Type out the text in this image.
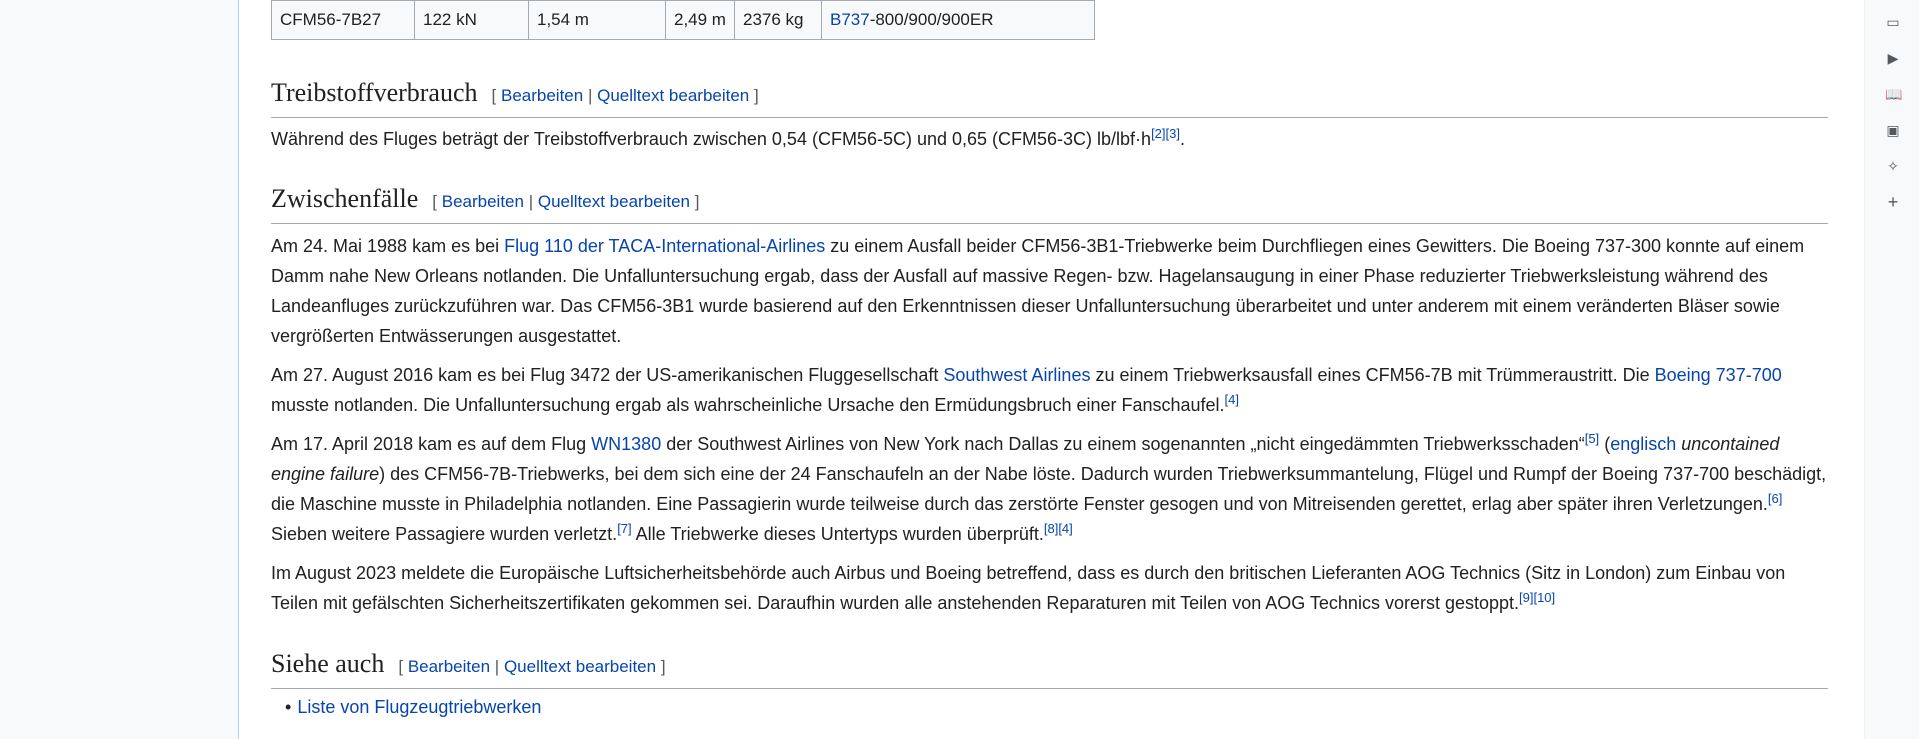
CFM56-7B27	122 kN	1,54 m	2,49 m	2376 kg	B737-800/900/900ER
Treibstoffverbrauch [ Bearbeiten | Quelltext bearbeiten ]

Während des Fluges beträgt der Treibstoffverbrauch zwischen 0,54 (CFM56-5C) und 0,65 (CFM56-3C) lb/lbf·h[2][3].

Zwischenfälle [ Bearbeiten | Quelltext bearbeiten ]

Am 24. Mai 1988 kam es bei Flug 110 der TACA-International-Airlines zu einem Ausfall beider CFM56-3B1-Triebwerke beim Durchfliegen eines Gewitters. Die Boeing 737-300 konnte auf einem Damm nahe New Orleans notlanden. Die Unfalluntersuchung ergab, dass der Ausfall auf massive Regen- bzw. Hagelansaugung in einer Phase reduzierter Triebwerksleistung während des Landeanfluges zurückzuführen war. Das CFM56-3B1 wurde basierend auf den Erkenntnissen dieser Unfalluntersuchung überarbeitet und unter anderem mit einem veränderten Bläser sowie vergrößerten Entwässerungen ausgestattet.

Am 27. August 2016 kam es bei Flug 3472 der US-amerikanischen Fluggesellschaft Southwest Airlines zu einem Triebwerksausfall eines CFM56-7B mit Trümmeraustritt. Die Boeing 737-700 musste notlanden. Die Unfalluntersuchung ergab als wahrscheinliche Ursache den Ermüdungsbruch einer Fanschaufel.[4]

Am 17. April 2018 kam es auf dem Flug WN1380 der Southwest Airlines von New York nach Dallas zu einem sogenannten „nicht eingedämmten Triebwerksschaden“[5] (englisch uncontained engine failure) des CFM56-7B-Triebwerks, bei dem sich eine der 24 Fanschaufeln an der Nabe löste. Dadurch wurden Triebwerksummantelung, Flügel und Rumpf der Boeing 737-700 beschädigt, die Maschine musste in Philadelphia notlanden. Eine Passagierin wurde teilweise durch das zerstörte Fenster gesogen und von Mitreisenden gerettet, erlag aber später ihren Verletzungen.[6] Sieben weitere Passagiere wurden verletzt.[7] Alle Triebwerke dieses Untertyps wurden überprüft.[8][4]

Im August 2023 meldete die Europäische Luftsicherheitsbehörde auch Airbus und Boeing betreffend, dass es durch den britischen Lieferanten AOG Technics (Sitz in London) zum Einbau von Teilen mit gefälschten Sicherheitszertifikaten gekommen sei. Daraufhin wurden alle anstehenden Reparaturen mit Teilen von AOG Technics vorerst gestoppt.[9][10]

Siehe auch [ Bearbeiten | Quelltext bearbeiten ]
• Liste von Flugzeugtriebwerken
▭
▶
📖
▣
✧
+
